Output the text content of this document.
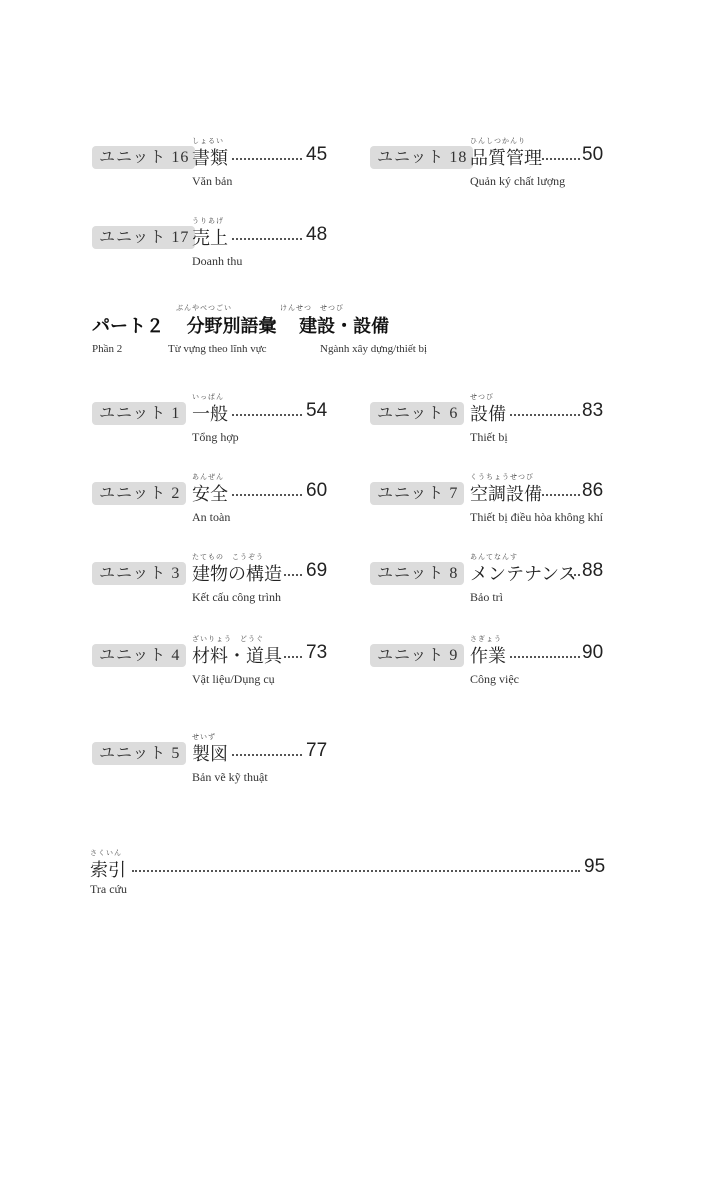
ユニット 16
しょるい
書類	45
Văn bản
ユニット 18
ひんしつかんり
品質管理 50
Quản ký chất lượng
ユニット 17
うりあげ
売上	48
Doanh thu
ぶんやべつごい	けんせつ　せつび
パート２ 分野別語彙 建設・設備
Phần 2	Từ vựng theo lĩnh vực	Ngành xây dựng/thiết bị
ユニット 1
いっぱん
一般	54
Tổng hợp
ユニット 6
せつび
設備	83
Thiết bị
ユニット 2
あんぜん
安全	60
An toàn
ユニット 7
くうちょうせつび
空調設備 86
Thiết bị điều hòa không khí
ユニット 3
たてもの　こうぞう
建物の構造 69
Kết cấu công trình
ユニット 8
あんてなんす
メンテナンス 88
Bảo trì
ユニット 4
ざいりょう　どうぐ
材料・道具 73
Vật liệu/Dụng cụ
ユニット 9
さぎょう
作業	90
Công việc
ユニット 5
せいず
製図	77
Bản vẽ kỹ thuật
さくいん
索引	95
Tra cứu
